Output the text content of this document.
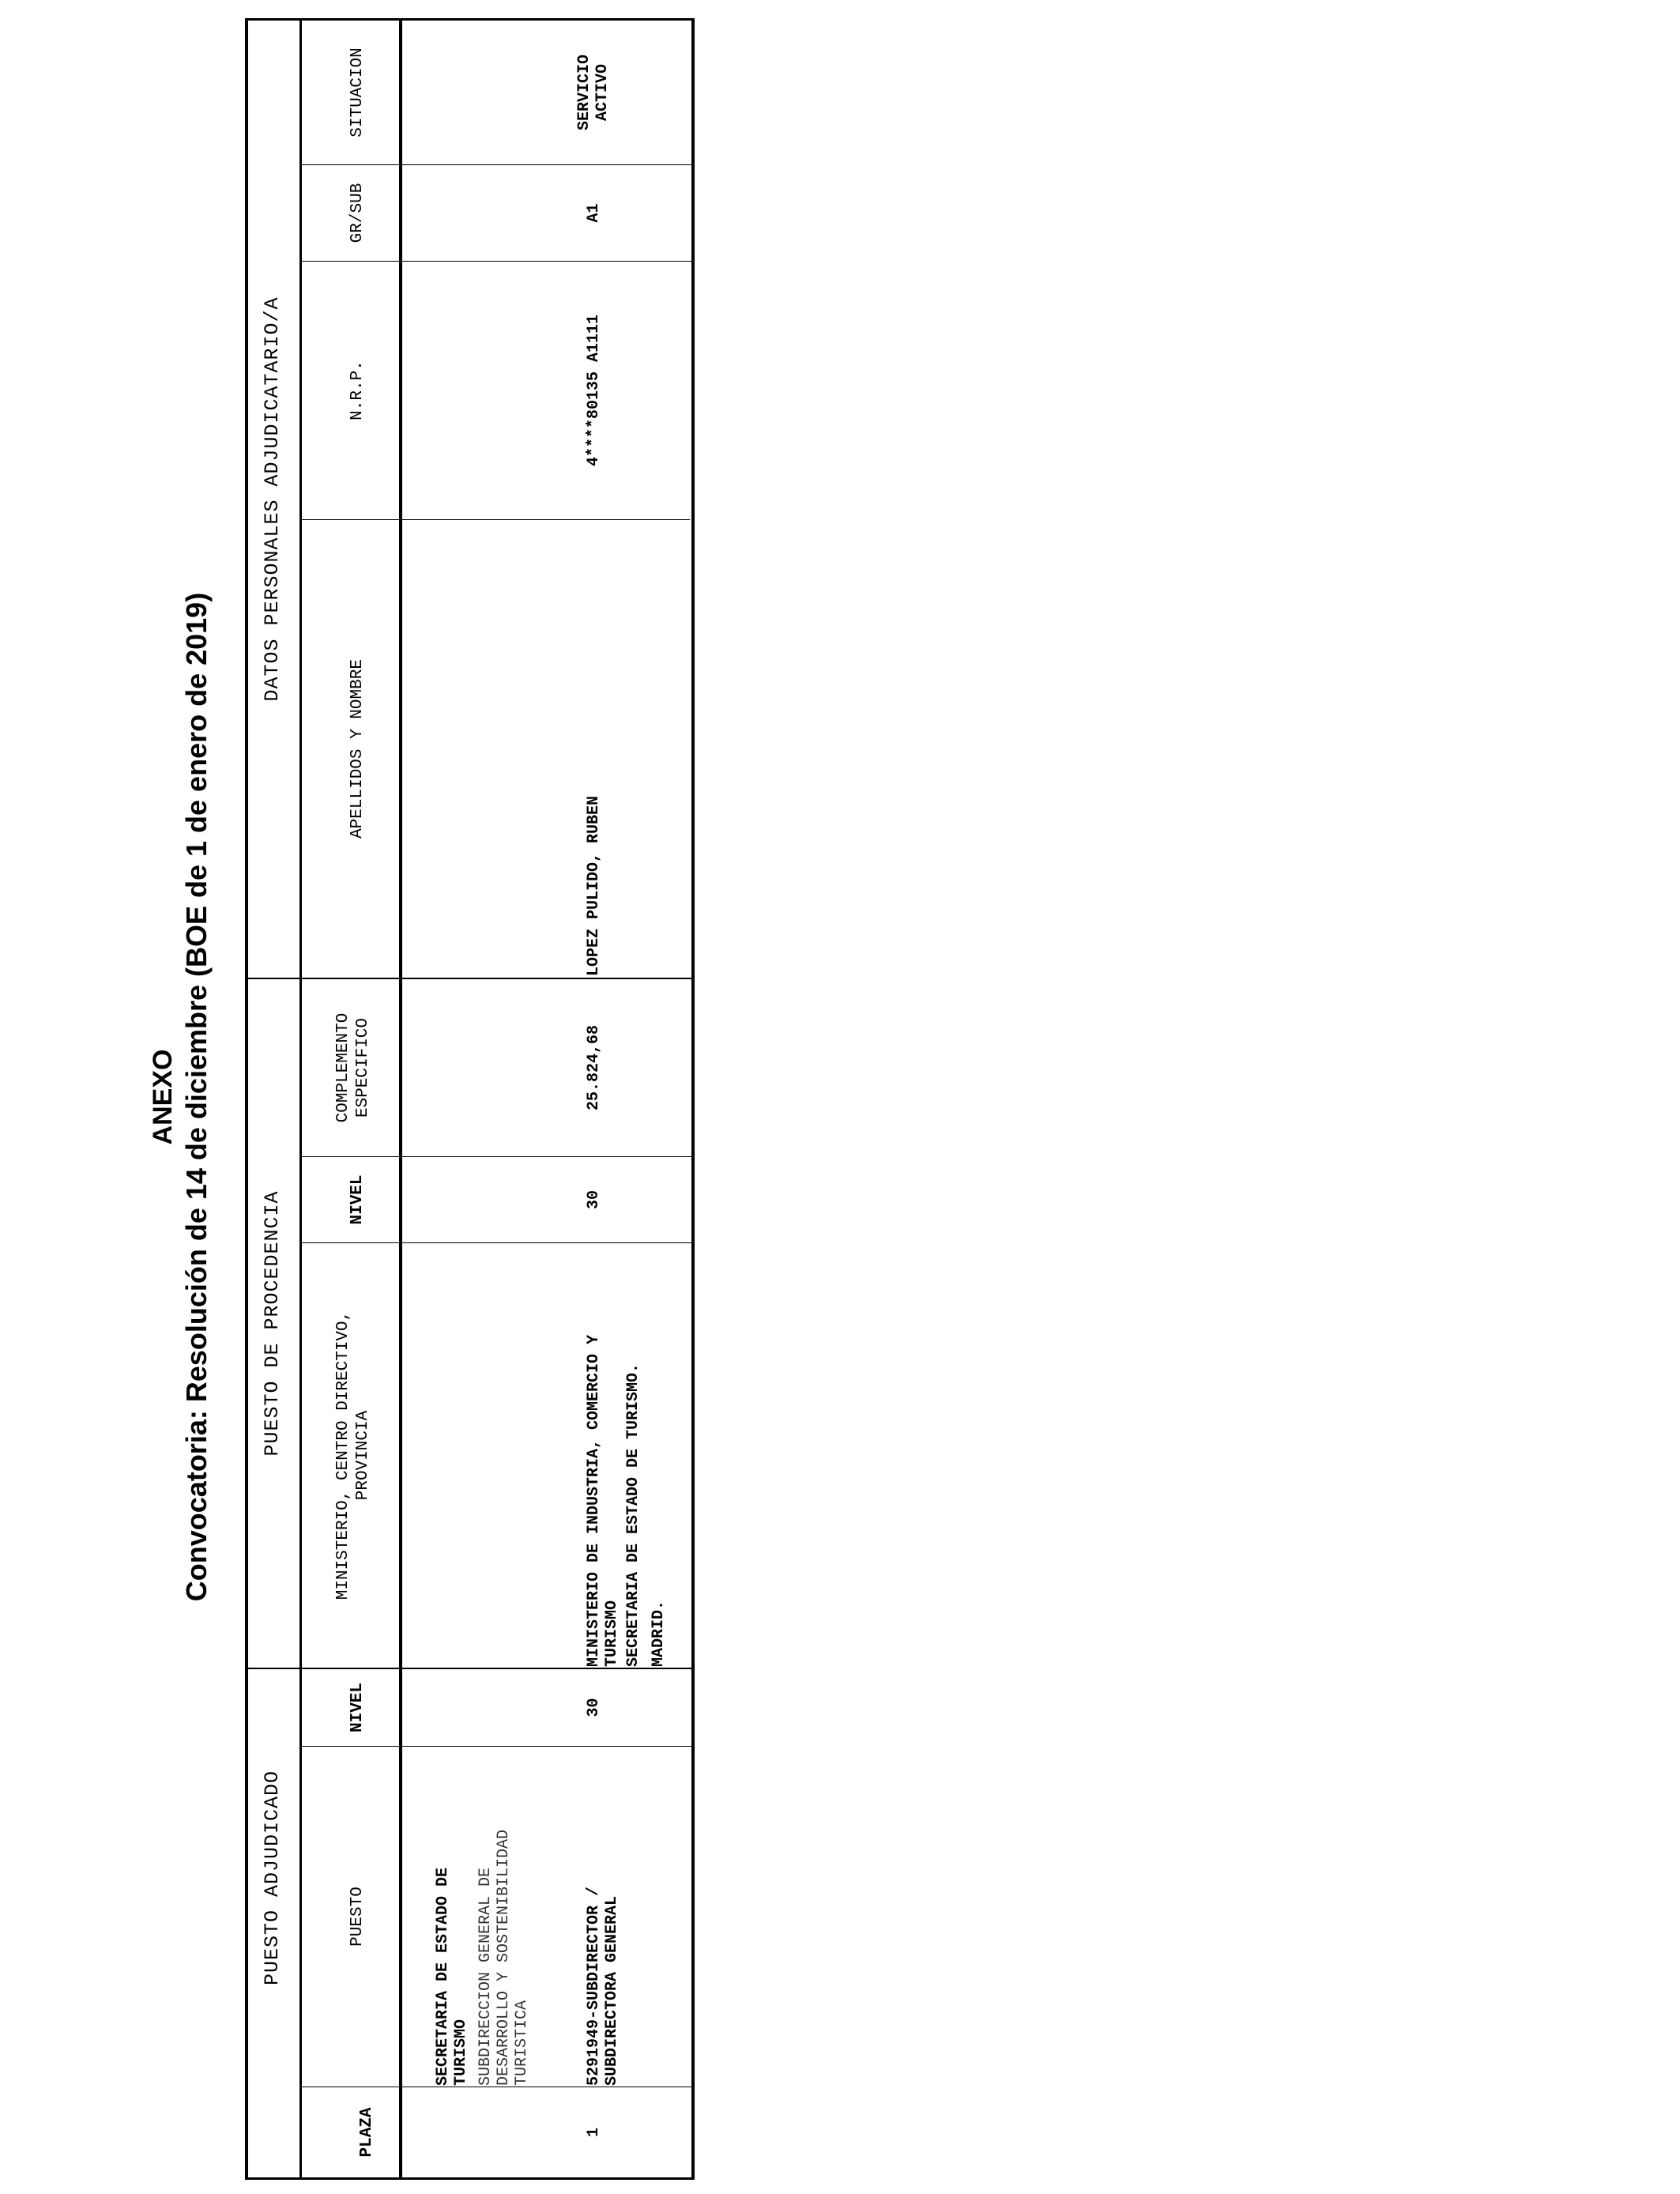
ANEXO Convocatoria: Resolución de 14 de diciembre (BOE de 1 de enero de 2019)
PUESTO ADJUDICADO
PUESTO DE PROCEDENCIA
DATOS PERSONALES ADJUDICATARIO/A
PLAZA
PUESTO
NIVEL
MINISTERIO, CENTRO DIRECTIVO, PROVINCIA
NIVEL
COMPLEMENTO ESPECIFICO
APELLIDOS Y NOMBRE
N.R.P.
GR/SUB
SITUACION
SECRETARIA DE ESTADO DE TURISMO SUBDIRECCION GENERAL DE DESARROLLO Y SOSTENIBILIDAD TURISTICA
1
5291949-SUBDIRECTOR / SUBDIRECTORA GENERAL
30
MINISTERIO DE INDUSTRIA, COMERCIO Y TURISMO SECRETARIA DE ESTADO DE TURISMO. MADRID.
30
25.824,68
LOPEZ PULIDO, RUBEN
4****80135 A1111
A1
SERVICIO ACTIVO
